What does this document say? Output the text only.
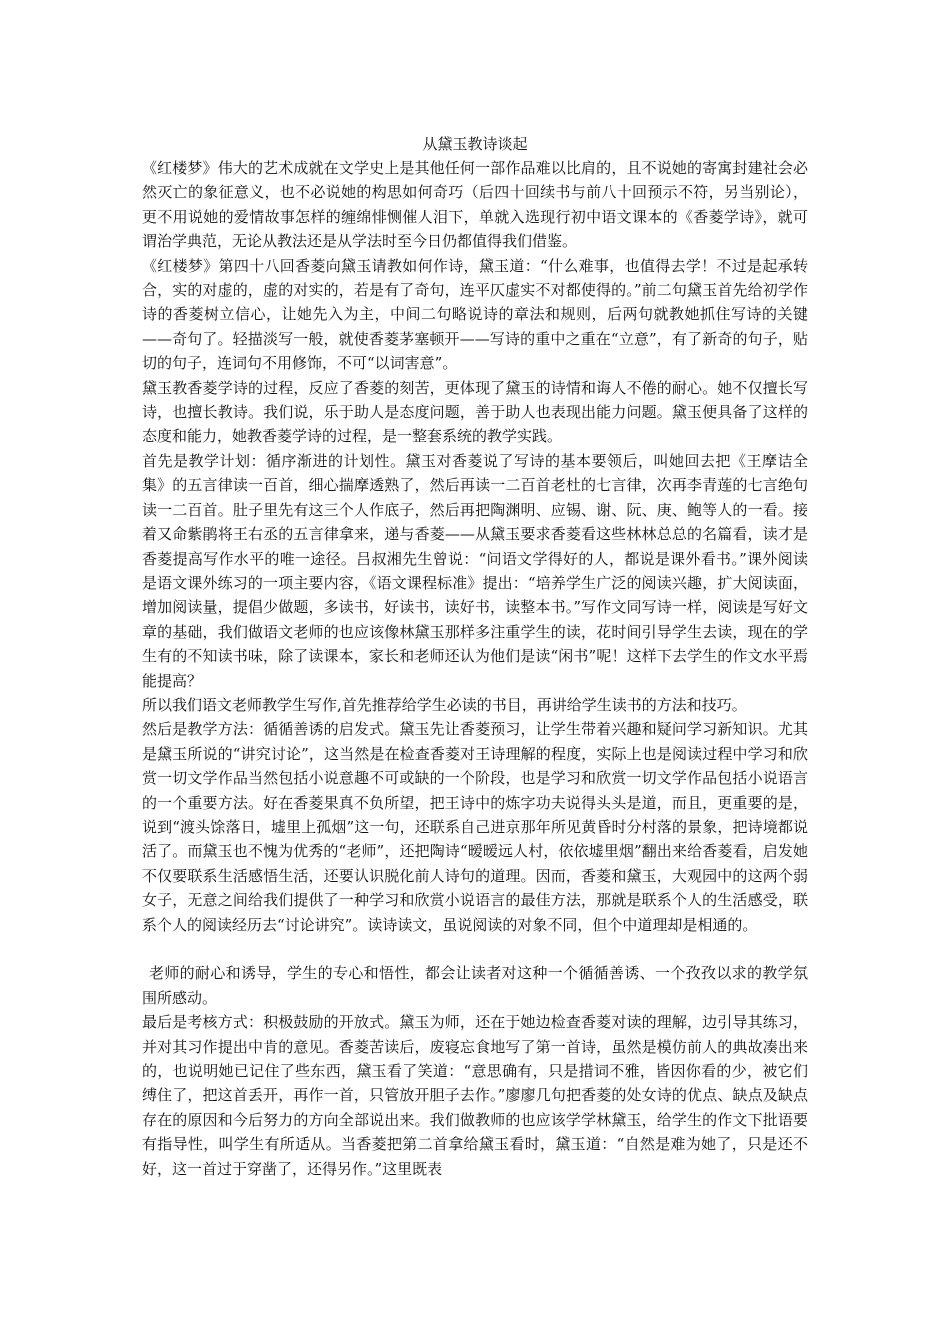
从黛玉教诗谈起

《红楼梦》伟大的艺术成就在文学史上是其他任何一部作品难以比肩的，且不说她的寄寓封建社会必然灭亡的象征意义，也不必说她的构思如何奇巧（后四十回续书与前八十回预示不符，另当别论），更不用说她的爱情故事怎样的缠绵悱恻催人泪下，单就入选现行初中语文课本的《香菱学诗》，就可谓治学典范，无论从教法还是从学法时至今日仍都值得我们借鉴。

《红楼梦》第四十八回香菱向黛玉请教如何作诗，黛玉道：“什么难事，也值得去学！不过是起承转合，实的对虚的，虚的对实的，若是有了奇句，连平仄虚实不对都使得的。”前二句黛玉首先给初学作诗的香菱树立信心，让她先入为主，中间二句略说诗的章法和规则，后两句就教她抓住写诗的关键——奇句了。轻描淡写一般，就使香菱茅塞顿开——写诗的重中之重在“立意”，有了新奇的句子，贴切的句子，连词句不用修饰，不可“以词害意”。

黛玉教香菱学诗的过程，反应了香菱的刻苦，更体现了黛玉的诗情和诲人不倦的耐心。她不仅擅长写诗，也擅长教诗。我们说，乐于助人是态度问题，善于助人也表现出能力问题。黛玉便具备了这样的态度和能力，她教香菱学诗的过程，是一整套系统的教学实践。

首先是教学计划：循序渐进的计划性。黛玉对香菱说了写诗的基本要领后，叫她回去把《王摩诘全集》的五言律读一百首，细心揣摩透熟了，然后再读一二百首老杜的七言律，次再李青莲的七言绝句读一二百首。肚子里先有这三个人作底子，然后再把陶渊明、应锡、谢、阮、庚、鲍等人的一看。接着又命紫鹃将王右丞的五言律拿来，递与香菱——从黛玉要求香菱看这些林林总总的名篇看，读才是香菱提高写作水平的唯一途径。吕叔湘先生曾说：“问语文学得好的人，都说是课外看书。”课外阅读是语文课外练习的一项主要内容，《语文课程标准》提出：“培养学生广泛的阅读兴趣，扩大阅读面，增加阅读量，提倡少做题，多读书，好读书，读好书，读整本书。”写作文同写诗一样，阅读是写好文章的基础，我们做语文老师的也应该像林黛玉那样多注重学生的读，花时间引导学生去读，现在的学生有的不知读书味，除了读课本，家长和老师还认为他们是读“闲书”呢！这样下去学生的作文水平焉能提高？

所以我们语文老师教学生写作,首先推荐给学生必读的书目，再讲给学生读书的方法和技巧。

然后是教学方法：循循善诱的启发式。黛玉先让香菱预习，让学生带着兴趣和疑问学习新知识。尤其是黛玉所说的“讲究讨论”，这当然是在检查香菱对王诗理解的程度，实际上也是阅读过程中学习和欣赏一切文学作品当然包括小说意趣不可或缺的一个阶段，也是学习和欣赏一切文学作品包括小说语言的一个重要方法。好在香菱果真不负所望，把王诗中的炼字功夫说得头头是道，而且，更重要的是，说到“渡头馀落日，墟里上孤烟”这一句，还联系自己进京那年所见黄昏时分村落的景象，把诗境都说活了。而黛玉也不愧为优秀的“老师”，还把陶诗“暧暧远人村，依依墟里烟”翻出来给香菱看，启发她不仅要联系生活感悟生活，还要认识脱化前人诗句的道理。因而，香菱和黛玉，大观园中的这两个弱女子，无意之间给我们提供了一种学习和欣赏小说语言的最佳方法，那就是联系个人的生活感受，联系个人的阅读经历去“讨论讲究”。读诗读文，虽说阅读的对象不同，但个中道理却是相通的。

老师的耐心和诱导，学生的专心和悟性，都会让读者对这种一个循循善诱、一个孜孜以求的教学氛围所感动。

最后是考核方式：积极鼓励的开放式。黛玉为师，还在于她边检查香菱对读的理解，边引导其练习，并对其习作提出中肯的意见。香菱苦读后，废寝忘食地写了第一首诗，虽然是模仿前人的典故凑出来的，也说明她已记住了些东西，黛玉看了笑道：“意思确有，只是措词不雅，皆因你看的少，被它们缚住了，把这首丢开，再作一首，只管放开胆子去作。”廖廖几句把香菱的处女诗的优点、缺点及缺点存在的原因和今后努力的方向全部说出来。我们做教师的也应该学学林黛玉，给学生的作文下批语要有指导性，叫学生有所适从。当香菱把第二首拿给黛玉看时，黛玉道：“自然是难为她了，只是还不好，这一首过于穿凿了，还得另作。”这里既表
